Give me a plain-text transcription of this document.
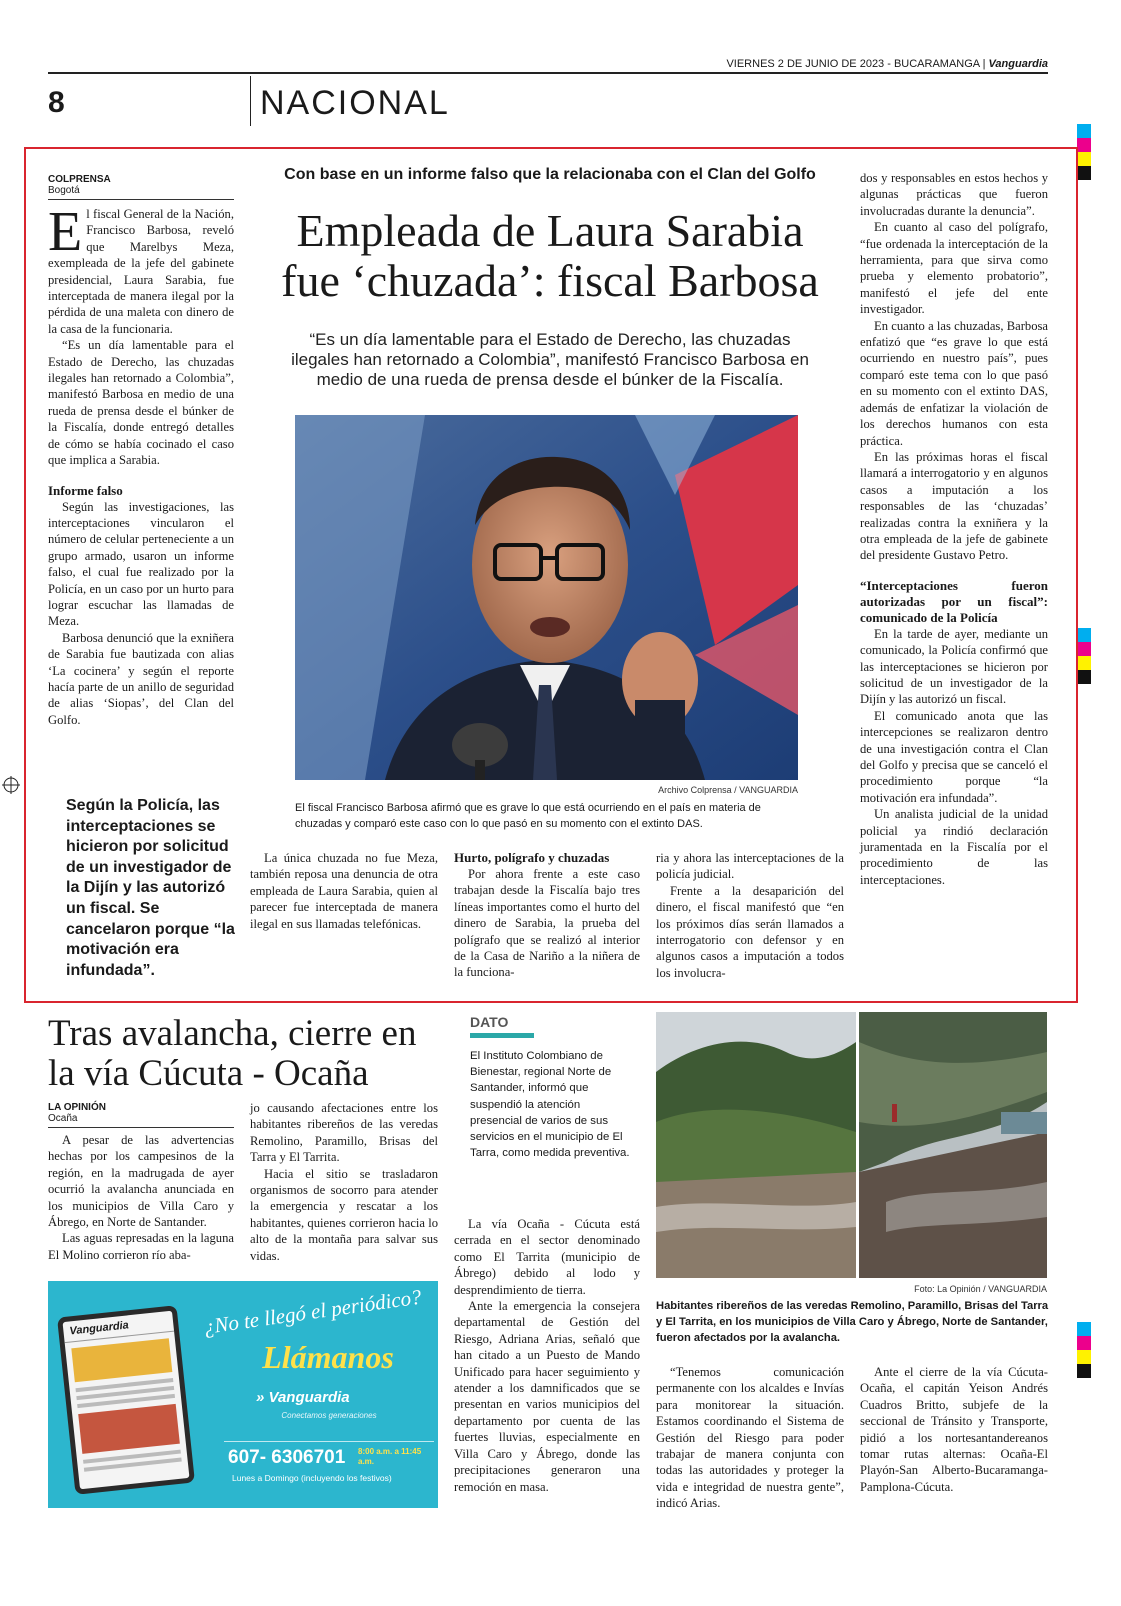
VIERNES 2 DE JUNIO DE 2023 - BUCARAMANGA | Vanguardia
8	NACIONAL
COLPRENSA
Bogotá

El fiscal General de la Nación, Francisco Barbosa, reveló que Marelbys Meza, exempleada de la jefe del gabinete presidencial, Laura Sarabia, fue interceptada de manera ilegal por la pérdida de una maleta con dinero de la casa de la funcionaria.

“Es un día lamentable para el Estado de Derecho, las chuzadas ilegales han retornado a Colombia”, manifestó Barbosa en medio de una rueda de prensa desde el búnker de la Fiscalía, donde entregó detalles de cómo se había cocinado el caso que implica a Sarabia.

Informe falso

Según las investigaciones, las interceptaciones vincularon el número de celular perteneciente a un grupo armado, usaron un informe falso, el cual fue realizado por la Policía, en un caso por un hurto para lograr escuchar las llamadas de Meza.

Barbosa denunció que la exniñera de Sarabia fue bautizada con alias ‘La cocinera’ y según el reporte hacía parte de un anillo de seguridad de alias ‘Siopas’, del Clan del Golfo.

Según la Policía, las interceptaciones se hicieron por solicitud de un investigador de la Dijín y las autorizó un fiscal. Se cancelaron porque “la motivación era infundada”.
Con base en un informe falso que la relacionaba con el Clan del Golfo
Empleada de Laura Sarabia
fue ‘chuzada’: fiscal Barbosa
“Es un día lamentable para el Estado de Derecho, las chuzadas ilegales han retornado a Colombia”, manifestó Francisco Barbosa en medio de una rueda de prensa desde el búnker de la Fiscalía.
Archivo Colprensa / VANGUARDIA
El fiscal Francisco Barbosa afirmó que es grave lo que está ocurriendo en el país en materia de chuzadas y comparó este caso con lo que pasó en su momento con el extinto DAS.

La única chuzada no fue Meza, también reposa una denuncia de otra empleada de Laura Sarabia, quien al parecer fue interceptada de manera ilegal en sus llamadas telefónicas.

Hurto, polígrafo y chuzadas

Por ahora frente a este caso trabajan desde la Fiscalía bajo tres líneas importantes como el hurto del dinero de Sarabia, la prueba del polígrafo que se realizó al interior de la Casa de Nariño a la niñera de la funciona-

ria y ahora las interceptaciones de la policía judicial.

Frente a la desaparición del dinero, el fiscal manifestó que “en los próximos días serán llamados a interrogatorio con defensor y en algunos casos a imputación a todos los involucra-

dos y responsables en estos hechos y algunas prácticas que fueron involucradas durante la denuncia”.

En cuanto al caso del polígrafo, “fue ordenada la interceptación de la herramienta, para que sirva como prueba y elemento probatorio”, manifestó el jefe del ente investigador.

En cuanto a las chuzadas, Barbosa enfatizó que “es grave lo que está ocurriendo en nuestro país”, pues comparó este tema con lo que pasó en su momento con el extinto DAS, además de enfatizar la violación de los derechos humanos con esta práctica.

En las próximas horas el fiscal llamará a interrogatorio y en algunos casos a imputación a los responsables de las ‘chuzadas’ realizadas contra la exniñera y la otra empleada de la jefe de gabinete del presidente Gustavo Petro.

“Interceptaciones fueron autorizadas por un fiscal”: comunicado de la Policía

En la tarde de ayer, mediante un comunicado, la Policía confirmó que las interceptaciones se hicieron por solicitud de un investigador de la Dijín y las autorizó un fiscal.

El comunicado anota que las intercepciones se realizaron dentro de una investigación contra el Clan del Golfo y precisa que se canceló el procedimiento porque “la motivación era infundada”.

Un analista judicial de la unidad policial ya rindió declaración juramentada en la Fiscalía por el procedimiento de las interceptaciones.

Tras avalancha, cierre en
la vía Cúcuta - Ocaña
LA OPINIÓN
Ocaña

A pesar de las advertencias hechas por los campesinos de la región, en la madrugada de ayer ocurrió la avalancha anunciada en los municipios de Villa Caro y Ábrego, en Norte de Santander.

Las aguas represadas en la laguna El Molino corrieron río aba-

jo causando afectaciones entre los habitantes ribereños de las veredas Remolino, Paramillo, Brisas del Tarra y El Tarrita.

Hacia el sitio se trasladaron organismos de socorro para atender la emergencia y rescatar a los habitantes, quienes corrieron hacia lo alto de la montaña para salvar sus vidas.

DATO
El Instituto Colombiano de Bienestar, regional Norte de Santander, informó que suspendió la atención presencial de varios de sus servicios en el municipio de El Tarra, como medida preventiva.

La vía Ocaña - Cúcuta está cerrada en el sector denominado como El Tarrita (municipio de Ábrego) debido al lodo y desprendimiento de tierra.

Ante la emergencia la consejera departamental de Gestión del Riesgo, Adriana Arias, señaló que han citado a un Puesto de Mando Unificado para hacer seguimiento y atender a los damnificados que se presentan en varios municipios del departamento por cuenta de las fuertes lluvias, especialmente en Villa Caro y Ábrego, donde las precipitaciones generaron una remoción en masa.

Foto: La Opinión / VANGUARDIA
Habitantes ribereños de las veredas Remolino, Paramillo, Brisas del Tarra y El Tarrita, en los municipios de Villa Caro y Ábrego, Norte de Santander, fueron afectados por la avalancha.

“Tenemos comunicación permanente con los alcaldes e Invías para monitorear la situación. Estamos coordinando el Sistema de Gestión del Riesgo para poder trabajar de manera conjunta con todas las autoridades y proteger la vida e integridad de nuestra gente”, indicó Arias.

Ante el cierre de la vía Cúcuta-Ocaña, el capitán Yeison Andrés Cuadros Britto, subjefe de la seccional de Tránsito y Transporte, pidió a los nortesantandereanos tomar rutas alternas: Ocaña-El Playón-San Alberto-Bucaramanga-Pamplona-Cúcuta.

Vanguardia	¿No te llegó el periódico?
Llámanos
» Vanguardia
Conectamos generaciones
607- 6306701 8:00 a.m. a 11:45 a.m.
Lunes a Domingo (incluyendo los festivos)
